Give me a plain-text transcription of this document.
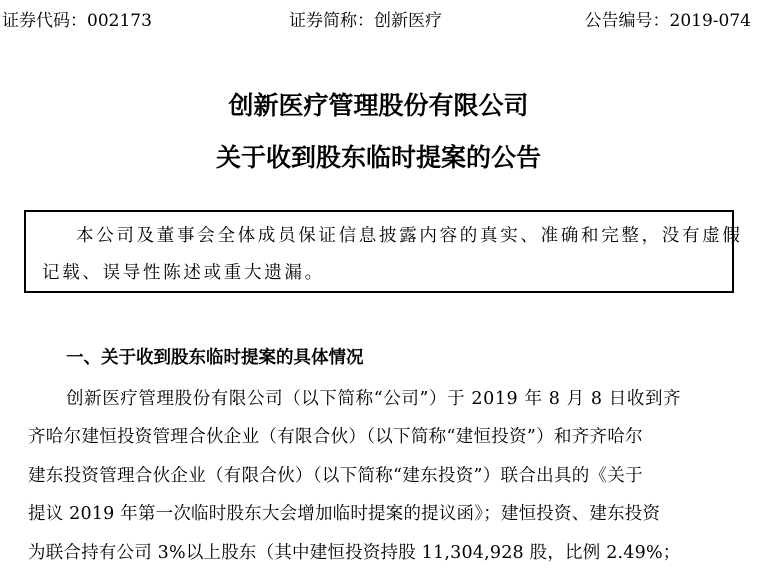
证券代码：002173	证券简称：创新医疗	公告编号：2019-074
创新医疗管理股份有限公司
关于收到股东临时提案的公告
本公司及董事会全体成员保证信息披露内容的真实、准确和完整，没有虚假
记载、误导性陈述或重大遗漏。
一、关于收到股东临时提案的具体情况
创新医疗管理股份有限公司（以下简称“公司”）于 2019 年 8 月 8 日收到齐
齐哈尔建恒投资管理合伙企业（有限合伙）（以下简称“建恒投资”）和齐齐哈尔
建东投资管理合伙企业（有限合伙）（以下简称“建东投资”）联合出具的《关于
提议 2019 年第一次临时股东大会增加临时提案的提议函》；建恒投资、建东投资
为联合持有公司 3%以上股东（其中建恒投资持股 11,304,928 股，比例 2.49%；
